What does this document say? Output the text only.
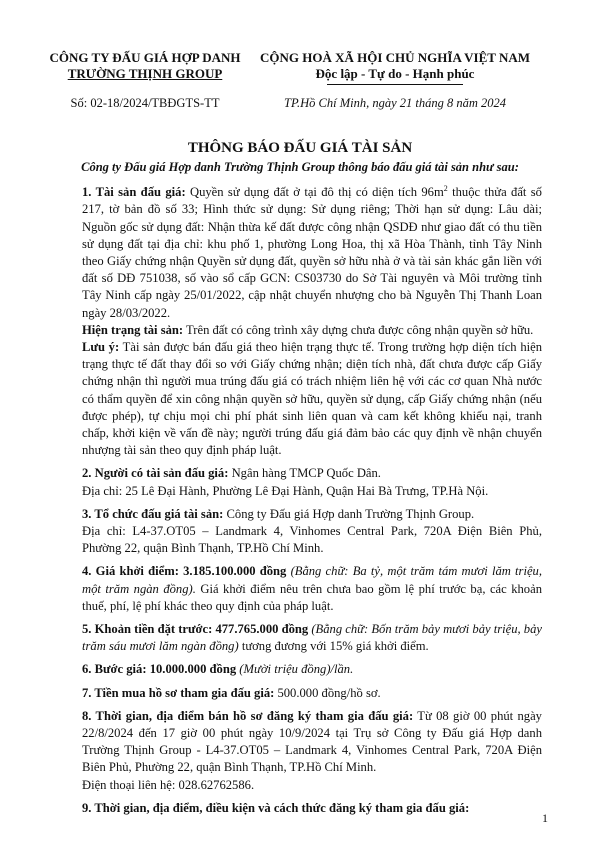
CÔNG TY ĐẤU GIÁ HỢP DANH
TRƯỜNG THỊNH GROUP
CỘNG HOÀ XÃ HỘI CHỦ NGHĨA VIỆT NAM
Độc lập - Tự do - Hạnh phúc
Số: 02-18/2024/TBĐGTS-TT	TP.Hồ Chí Minh, ngày 21 tháng 8 năm 2024
THÔNG BÁO ĐẤU GIÁ TÀI SẢN
Công ty Đấu giá Hợp danh Trường Thịnh Group thông báo đấu giá tài sản như sau:

1. Tài sản đấu giá: Quyền sử dụng đất ở tại đô thị có diện tích $96m^2$ thuộc thửa đất số 217, tờ bản đồ số 33; Hình thức sử dụng: Sử dụng riêng; Thời hạn sử dụng: Lâu dài; Nguồn gốc sử dụng đất: Nhận thừa kế đất được công nhận QSDĐ như giao đất có thu tiền sử dụng đất tại địa chỉ: khu phố 1, phường Long Hoa, thị xã Hòa Thành, tỉnh Tây Ninh theo Giấy chứng nhận Quyền sử dụng đất, quyền sở hữu nhà ở và tài sản khác gắn liền với đất số DĐ 751038, số vào sổ cấp GCN: CS03730 do Sở Tài nguyên và Môi trường tỉnh Tây Ninh cấp ngày 25/01/2022, cập nhật chuyển nhượng cho bà Nguyễn Thị Thanh Loan ngày 28/03/2022.

Hiện trạng tài sản: Trên đất có công trình xây dựng chưa được công nhận quyền sở hữu.

Lưu ý: Tài sản được bán đấu giá theo hiện trạng thực tế. Trong trường hợp diện tích hiện trạng thực tế đất thay đổi so với Giấy chứng nhận; diện tích nhà, đất chưa được cấp Giấy chứng nhận thì người mua trúng đấu giá có trách nhiệm liên hệ với các cơ quan Nhà nước có thẩm quyền để xin công nhận quyền sở hữu, quyền sử dụng, cấp Giấy chứng nhận (nếu được phép), tự chịu mọi chi phí phát sinh liên quan và cam kết không khiếu nại, tranh chấp, khởi kiện về vấn đề này; người trúng đấu giá đảm bảo các quy định về nhận chuyển nhượng tài sản theo quy định pháp luật.

2. Người có tài sản đấu giá: Ngân hàng TMCP Quốc Dân.

Địa chỉ: 25 Lê Đại Hành, Phường Lê Đại Hành, Quận Hai Bà Trưng, TP.Hà Nội.

3. Tổ chức đấu giá tài sản: Công ty Đấu giá Hợp danh Trường Thịnh Group.

Địa chỉ: L4-37.OT05 – Landmark 4, Vinhomes Central Park, 720A Điện Biên Phủ, Phường 22, quận Bình Thạnh, TP.Hồ Chí Minh.

4. Giá khởi điểm: 3.185.100.000 đồng (Bằng chữ: Ba tỷ, một trăm tám mươi lăm triệu, một trăm ngàn đồng). Giá khởi điểm nêu trên chưa bao gồm lệ phí trước bạ, các khoản thuế, phí, lệ phí khác theo quy định của pháp luật.

5. Khoản tiền đặt trước: 477.765.000 đồng (Bằng chữ: Bốn trăm bảy mươi bảy triệu, bảy trăm sáu mươi lăm ngàn đồng) tương đương với 15% giá khởi điểm.

6. Bước giá: 10.000.000 đồng (Mười triệu đồng)/lần.

7. Tiền mua hồ sơ tham gia đấu giá: 500.000 đồng/hồ sơ.

8. Thời gian, địa điểm bán hồ sơ đăng ký tham gia đấu giá: Từ 08 giờ 00 phút ngày 22/8/2024 đến 17 giờ 00 phút ngày 10/9/2024 tại Trụ sở Công ty Đấu giá Hợp danh Trường Thịnh Group - L4-37.OT05 – Landmark 4, Vinhomes Central Park, 720A Điện Biên Phủ, Phường 22, quận Bình Thạnh, TP.Hồ Chí Minh.

Điện thoại liên hệ: 028.62762586.

9. Thời gian, địa điểm, điều kiện và cách thức đăng ký tham gia đấu giá:

1
